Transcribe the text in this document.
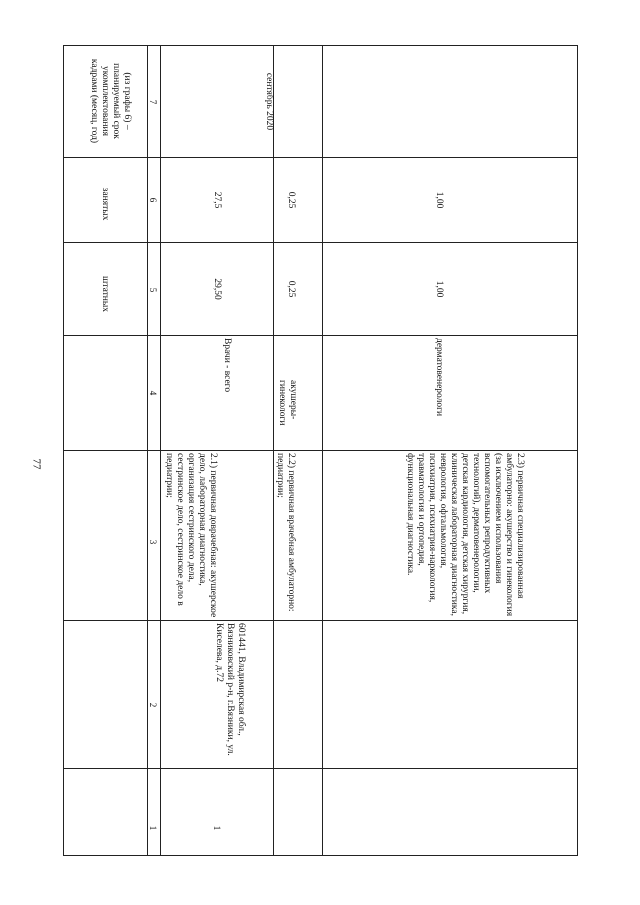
77
1
2
3
4
5
6
7
штатных
занятых
(из графы 6) – планируемый срок укомплектования кадрами (месяц, год)
1
601441, Владимирская обл., Вязниковский р-н, г.Вязники, ул. Киселева, д.72
2.1) первичная доврачебная: акушерское дело, лабораторная диагностика, организация сестринского дела, сестринское дело, сестринское дело в педиатрии;
Врачи - всего
29,50
27,5
сентябрь 2020
2.2) первичная врачебная амбулаторно: педиатрии;
акушеры-гинекологи
0,25
0,25
2.3) первичная специализированная амбулаторно: акушерство и гинекология (за исключением использования вспомогательных репродуктивных технологий), дерматовенерологии, детская кардиология, детская хирургия, клиническая лабораторная диагностика, неврология, офтальмология, психиатрия, психиатрия-наркология, травматология и ортопедия, функциональная диагностика.
дерматовенерологи
1,00
1,00
